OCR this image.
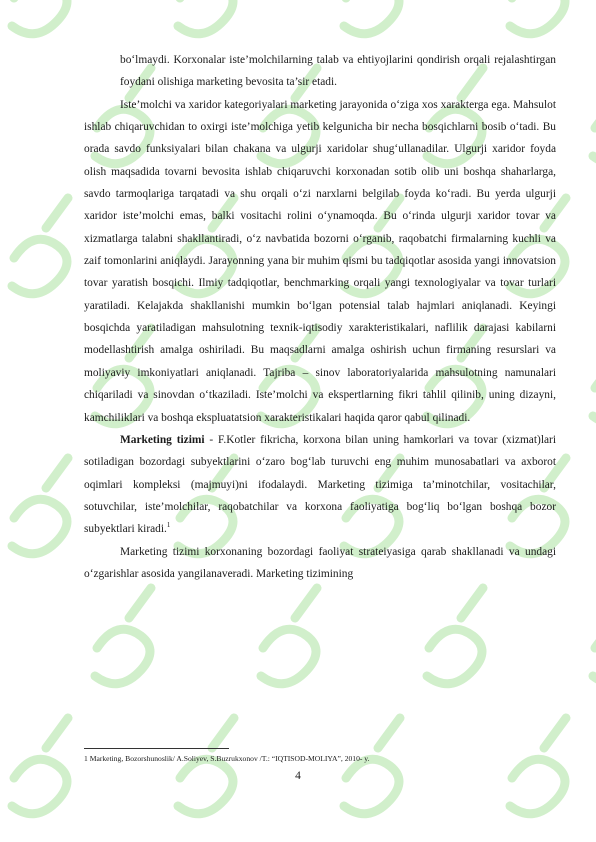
bo‘lmaydi. Korxonalar iste’molchilarning talab va ehtiyojlarini qondirish orqali rejalashtirgan foydani olishiga marketing bevosita ta’sir etadi.

Iste’molchi va xaridor kategoriyalari marketing jarayonida o‘ziga xos xarakterga ega. Mahsulot ishlab chiqaruvchidan to oxirgi iste’molchiga yetib kelgunicha bir necha bosqichlarni bosib o‘tadi. Bu orada savdo funksiyalari bilan chakana va ulgurji xaridolar shug‘ullanadilar. Ulgurji xaridor foyda olish maqsadida tovarni bevosita ishlab chiqaruvchi korxonadan sotib olib uni boshqa shaharlarga, savdo tarmoqlariga tarqatadi va shu orqali o‘zi narxlarni belgilab foyda ko‘radi. Bu yerda ulgurji xaridor iste’molchi emas, balki vositachi rolini o‘ynamoqda. Bu o‘rinda ulgurji xaridor tovar va xizmatlarga talabni shakllantiradi, o‘z navbatida bozorni o‘rganib, raqobatchi firmalarning kuchli va zaif tomonlarini aniqlaydi. Jarayonning yana bir muhim qismi bu tadqiqotlar asosida yangi innovatsion tovar yaratish bosqichi. Ilmiy tadqiqotlar, benchmarking orqali yangi texnologiyalar va tovar turlari yaratiladi. Kelajakda shakllanishi mumkin bo‘lgan potensial talab hajmlari aniqlanadi. Keyingi bosqichda yaratiladigan mahsulotning texnik-iqtisodiy xarakteristikalari, naflilik darajasi kabilarni modellashtirish amalga oshiriladi. Bu maqsadlarni amalga oshirish uchun firmaning resurslari va moliyaviy imkoniyatlari aniqlanadi. Tajriba – sinov laboratoriyalarida mahsulotning namunalari chiqariladi va sinovdan o‘tkaziladi. Iste’molchi va ekspertlarning fikri tahlil qilinib, uning dizayni, kamchiliklari va boshqa ekspluatatsion xarakteristikalari haqida qaror qabul qilinadi.

Marketing tizimi - F.Kotler fikricha, korxona bilan uning hamkorlari va tovar (xizmat)lari sotiladigan bozordagi subyektlarini o‘zaro bog‘lab turuvchi eng muhim munosabatlari va axborot oqimlari kompleksi (majmuyi)ni ifodalaydi. Marketing tizimiga ta’minotchilar, vositachilar, sotuvchilar, iste’molchilar, raqobatchilar va korxona faoliyatiga bog‘liq bo‘lgan boshqa bozor subyektlari kiradi.$^1$

Marketing tizimi korxonaning bozordagi faoliyat strateiyasiga qarab shakllanadi va undagi o‘zgarishlar asosida yangilanaveradi. Marketing tizimining

1 Marketing, Bozorshunoslik/ A.Soliyev, S.Buzrukxonov /T.: “IQTISOD-MOLIYA”, 2010- y.
4
